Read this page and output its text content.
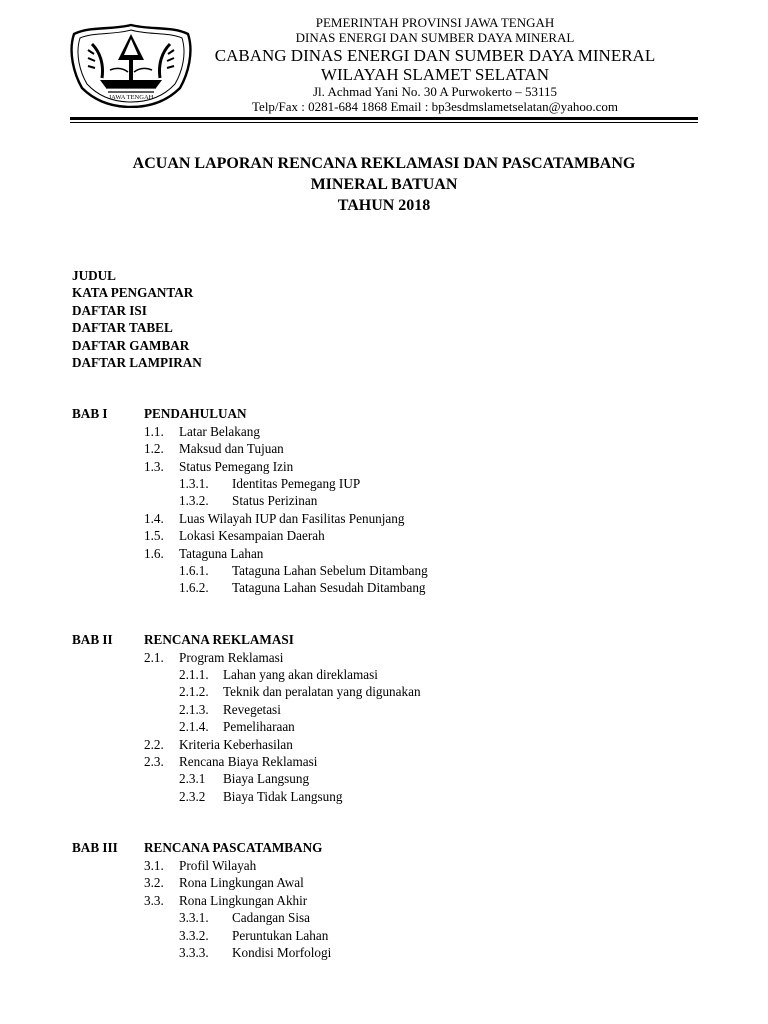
JAWA TENGAH
PEMERINTAH PROVINSI JAWA TENGAH
DINAS ENERGI DAN SUMBER DAYA MINERAL
CABANG DINAS ENERGI DAN SUMBER DAYA MINERAL
WILAYAH SLAMET SELATAN
Jl. Achmad Yani No. 30 A Purwokerto – 53115
Telp/Fax : 0281-684 1868 Email : bp3esdmslametselatan@yahoo.com
ACUAN LAPORAN RENCANA REKLAMASI DAN PASCATAMBANG
MINERAL BATUAN
TAHUN 2018
JUDUL
KATA PENGANTAR
DAFTAR ISI
DAFTAR TABEL
DAFTAR GAMBAR
DAFTAR LAMPIRAN
BAB I	PENDAHULUAN
1.1. Latar Belakang
1.2. Maksud dan Tujuan
1.3. Status Pemegang Izin
1.3.1. Identitas Pemegang IUP
1.3.2. Status Perizinan
1.4. Luas Wilayah IUP dan Fasilitas Penunjang
1.5. Lokasi Kesampaian Daerah
1.6. Tataguna Lahan
1.6.1. Tataguna Lahan Sebelum Ditambang
1.6.2. Tataguna Lahan Sesudah Ditambang
BAB II RENCANA REKLAMASI
2.1. Program Reklamasi
2.1.1. Lahan yang akan direklamasi
2.1.2. Teknik dan peralatan yang digunakan
2.1.3. Revegetasi
2.1.4. Pemeliharaan
2.2. Kriteria Keberhasilan
2.3. Rencana Biaya Reklamasi
2.3.1 Biaya Langsung
2.3.2 Biaya Tidak Langsung
BAB III RENCANA PASCATAMBANG
3.1. Profil Wilayah
3.2. Rona Lingkungan Awal
3.3. Rona Lingkungan Akhir
3.3.1. Cadangan Sisa
3.3.2. Peruntukan Lahan
3.3.3. Kondisi Morfologi
